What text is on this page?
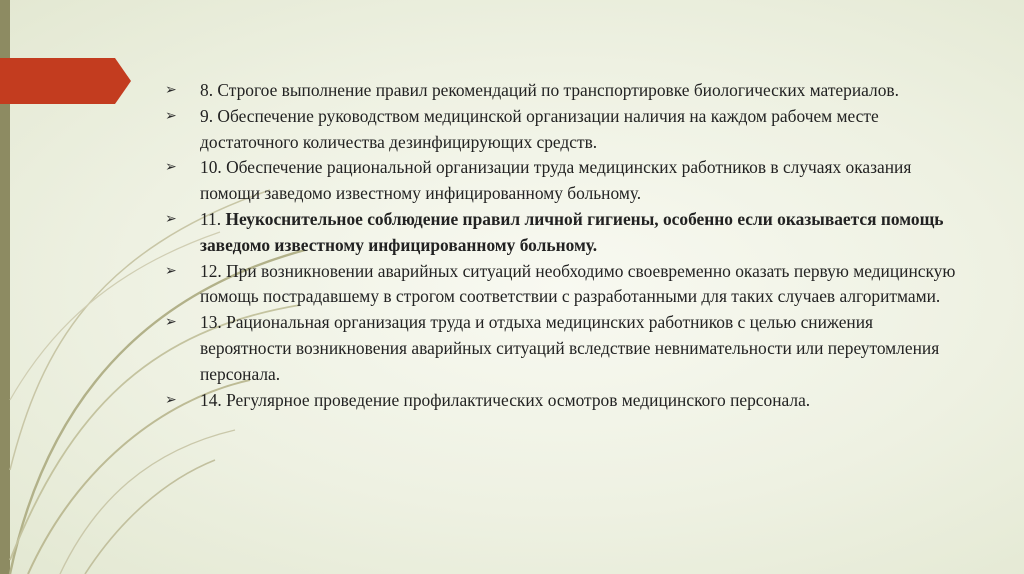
➢ 8. Строгое выполнение правил рекомендаций по транспортировке биологических материалов.
➢ 9. Обеспечение руководством медицинской организации наличия на каждом рабочем месте достаточного количества дезинфицирующих средств.
➢ 10. Обеспечение рациональной организации труда медицинских работников в случаях оказания помощи заведомо известному инфицированному больному.
➢ 11. Неукоснительное соблюдение правил личной гигиены, особенно если оказывается помощь заведомо известному инфицированному больному.
➢ 12. При возникновении аварийных ситуаций необходимо своевременно оказать первую медицинскую помощь пострадавшему в строгом соответствии с разработанными для таких случаев алгоритмами.
➢ 13. Рациональная организация труда и отдыха медицинских работников с целью снижения вероятности возникновения аварийных ситуаций вследствие невнимательности или переутомления персонала.
➢ 14. Регулярное проведение профилактических осмотров медицинского персонала.
